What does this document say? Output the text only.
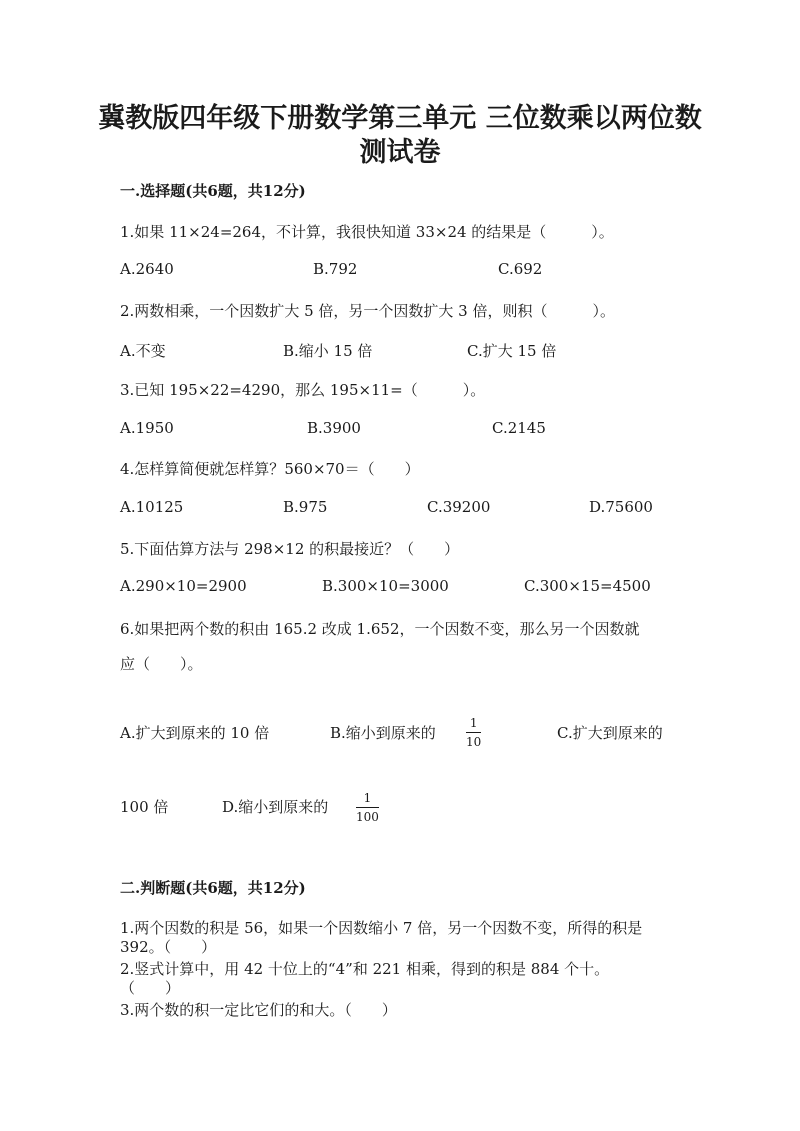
冀教版四年级下册数学第三单元 三位数乘以两位数
测试卷
一.选择题(共6题，共12分)
1.如果 11×24=264，不计算，我很快知道 33×24 的结果是（　　　）。
A.2640	B.792	C.692
2.两数相乘，一个因数扩大 5 倍，另一个因数扩大 3 倍，则积（　　　）。
A.不变	B.缩小 15 倍	C.扩大 15 倍
3.已知 195×22=4290，那么 195×11=（　　　）。
A.1950	B.3900	C.2145
4.怎样算简便就怎样算？560×70＝（　　）
A.10125	B.975	C.39200	D.75600
5.下面估算方法与 298×12 的积最接近？（　　）
A.290×10=2900	B.300×10=3000	C.300×15=4500
6.如果把两个数的积由 165.2 改成 1.652，一个因数不变，那么另一个因数就
应（　　）。
A.扩大到原来的 10 倍	B.缩小到原来的
1
10	C.扩大到原来的
100 倍	D.缩小到原来的	1
100
二.判断题(共6题，共12分)
1.两个因数的积是 56，如果一个因数缩小 7 倍，另一个因数不变，所得的积是
392。（　　）
2.竖式计算中，用 42 十位上的“4”和 221 相乘，得到的积是 884 个十。
（　　）
3.两个数的积一定比它们的和大。（　　）
